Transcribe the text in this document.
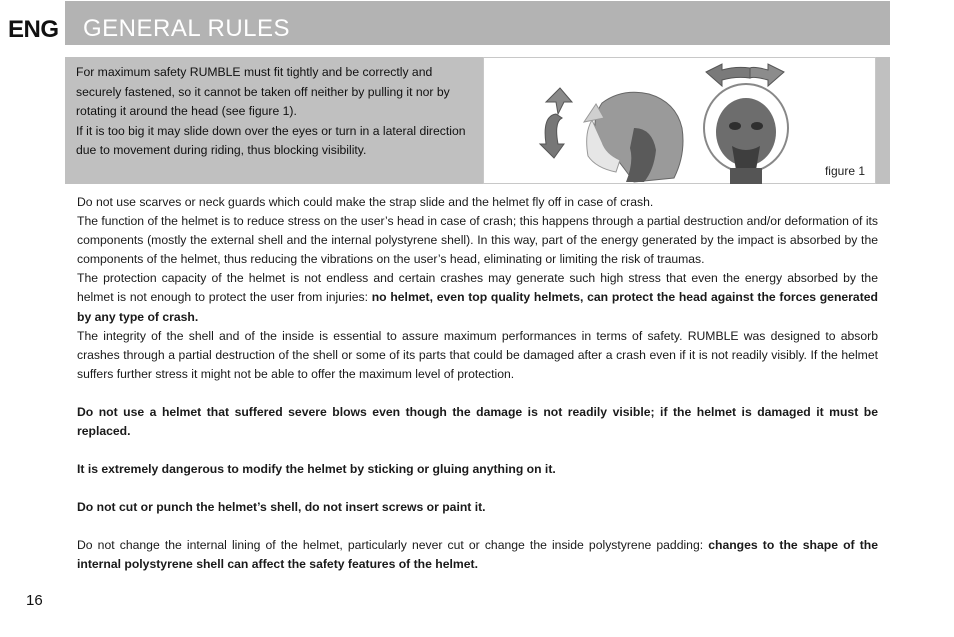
ENG GENERAL RULES

For maximum safety RUMBLE must fit tightly and be correctly and securely fastened, so it cannot be taken off neither by pulling it nor by rotating it around the head (see figure 1).

If it is too big it may slide down over the eyes or turn in a lateral direction due to movement during riding, thus blocking visibility.

figure 1

Do not use scarves or neck guards which could make the strap slide and the helmet fly off in case of crash.

The function of the helmet is to reduce stress on the user’s head in case of crash; this happens through a partial destruction and/or deformation of its components (mostly the external shell and the internal polystyrene shell). In this way, part of the energy generated by the impact is absorbed by the components of the helmet, thus reducing the vibrations on the user’s head, eliminating or limiting the risk of traumas.

The protection capacity of the helmet is not endless and certain crashes may generate such high stress that even the energy absorbed by the helmet is not enough to protect the user from injuries: no helmet, even top quality helmets, can protect the head against the forces generated by any type of crash.

The integrity of the shell and of the inside is essential to assure maximum performances in terms of safety. RUMBLE was designed to absorb crashes through a partial destruction of the shell or some of its parts that could be damaged after a crash even if it is not readily visibly. If the helmet suffers further stress it might not be able to offer the maximum level of protection.

Do not use a helmet that suffered severe blows even though the damage is not readily visible; if the helmet is damaged it must be replaced.

It is extremely dangerous to modify the helmet by sticking or gluing anything on it.

Do not cut or punch the helmet’s shell, do not insert screws or paint it.

Do not change the internal lining of the helmet, particularly never cut or change the inside polystyrene padding: changes to the shape of the internal polystyrene shell can affect the safety features of the helmet.

16
